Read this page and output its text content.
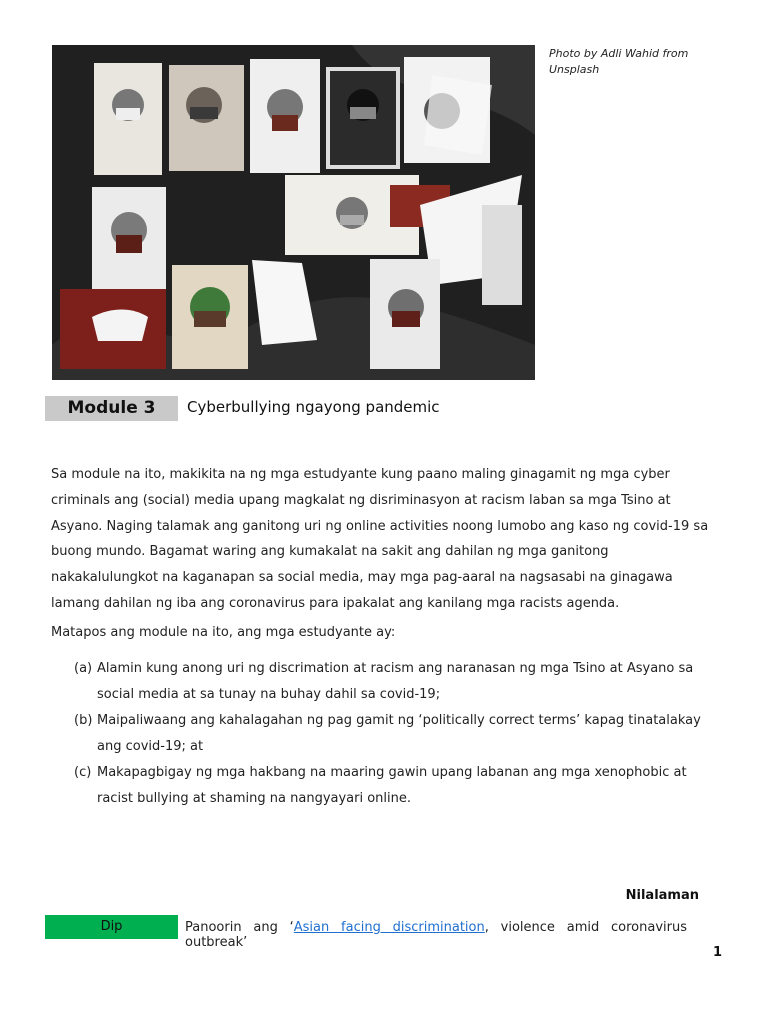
Photo by Adli Wahid from Unsplash
Module 3	Cyberbullying ngayong pandemic
Sa module na ito, makikita na ng mga estudyante kung paano maling ginagamit ng mga cyber criminals ang (social) media upang magkalat ng disriminasyon at racism laban sa mga Tsino at Asyano. Naging talamak ang ganitong uri ng online activities noong lumobo ang kaso ng covid-19 sa buong mundo. Bagamat waring ang kumakalat na sakit ang dahilan ng mga ganitong nakakalulungkot na kaganapan sa social media, may mga pag-aaral na nagsasabi na ginagawa lamang dahilan ng iba ang coronavirus para ipakalat ang kanilang mga racists agenda.
Matapos ang module na ito, ang mga estudyante ay:
(a) Alamin kung anong uri ng discrimation at racism ang naranasan ng mga Tsino at Asyano sa social media at sa tunay na buhay dahil sa covid-19;
(b) Maipaliwaang ang kahalagahan ng pag gamit ng ‘politically correct terms’ kapag tinatalakay ang covid-19; at
(c) Makapagbigay ng mga hakbang na maaring gawin upang labanan ang mga xenophobic at racist bullying at shaming na nangyayari online.
Nilalaman
Dip	Panoorin ang ‘Asian facing discrimination, violence amid coronavirus outbreak’
1
